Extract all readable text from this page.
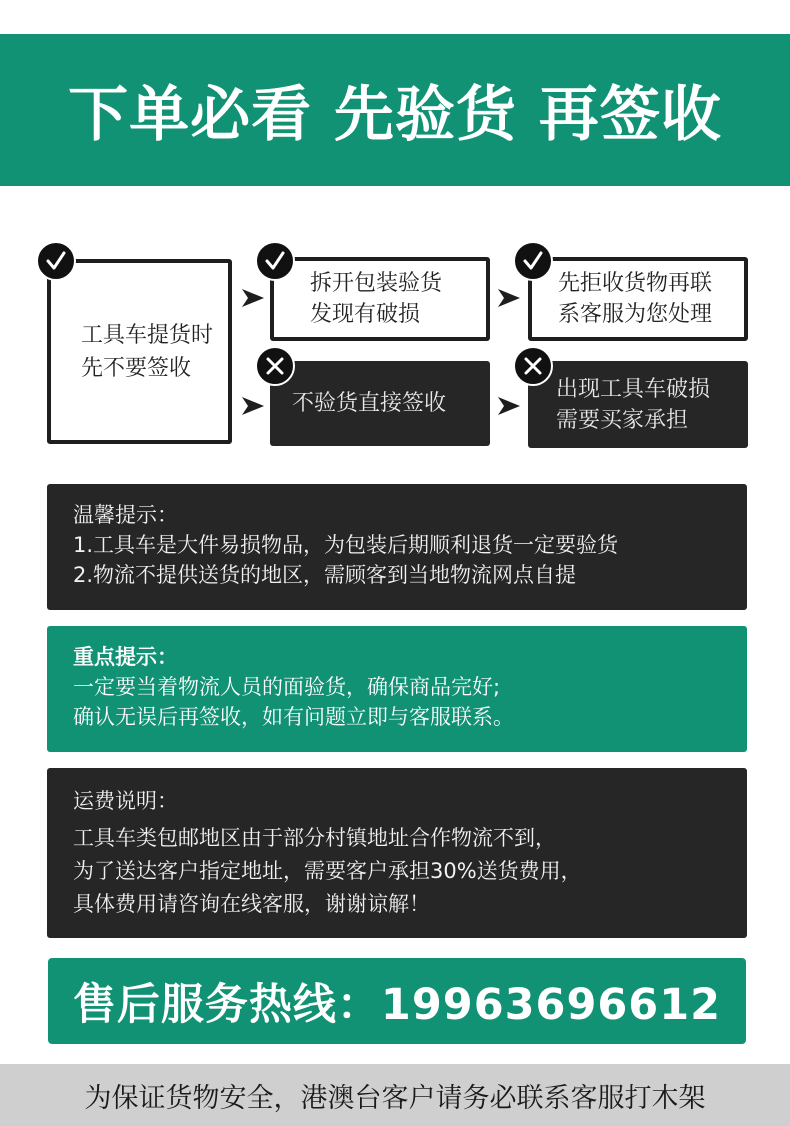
下单必看 先验货 再签收
工具车提货时
先不要签收
拆开包装验货
发现有破损
不验货直接签收
先拒收货物再联
系客服为您处理
出现工具车破损
需要买家承担
温馨提示：
1.工具车是大件易损物品，为包装后期顺利退货一定要验货
2.物流不提供送货的地区，需顾客到当地物流网点自提
重点提示：
一定要当着物流人员的面验货，确保商品完好;
确认无误后再签收，如有问题立即与客服联系。
运费说明：
工具车类包邮地区由于部分村镇地址合作物流不到，
为了送达客户指定地址，需要客户承担30%送货费用，
具体费用请咨询在线客服，谢谢谅解！
售后服务热线：19963696612
为保证货物安全，港澳台客户请务必联系客服打木架
